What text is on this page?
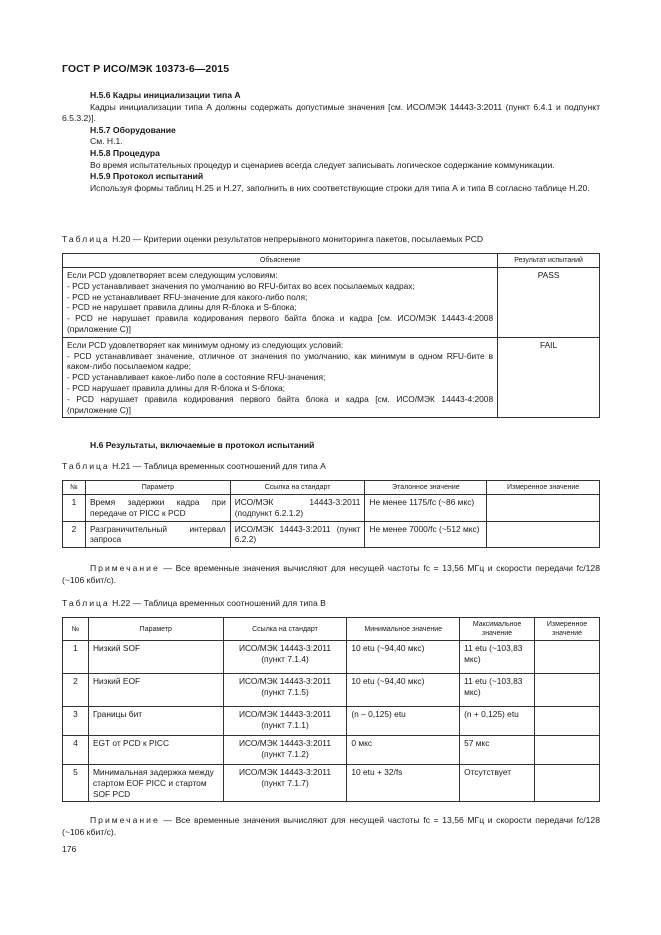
ГОСТ Р ИСО/МЭК 10373-6—2015
Н.5.6 Кадры инициализации типа А
Кадры инициализации типа А должны содержать допустимые значения [см. ИСО/МЭК 14443-3:2011 (пункт 6.4.1 и подпункт 6.5.3.2)].
Н.5.7 Оборудование
См. Н.1.
Н.5.8 Процедура
Во время испытательных процедур и сценариев всегда следует записывать логическое содержание коммуникации.
Н.5.9 Протокол испытаний
Используя формы таблиц Н.25 и Н.27, заполнить в них соответствующие строки для типа А и типа В согласно таблице Н.20.
Таблица Н.20 — Критерии оценки результатов непрерывного мониторинга пакетов, посылаемых PCD
Объяснение	Результат испытаний

Если PCD удовлетворяет всем следующим условиям:
- PCD устанавливает значения по умолчанию во RFU-битах во всех посылаемых кадрах;
- PCD не устанавливает RFU-значение для какого-либо поля;
- PCD не нарушает правила длины для R-блока и S-блока;
- PCD не нарушает правила кодирования первого байта блока и кадра [см. ИСО/МЭК 14443-4:2008 (приложение С)]	PASS

Если PCD удовлетворяет как минимум одному из следующих условий:
- PCD устанавливает значение, отличное от значения по умолчанию, как минимум в одном RFU-бите в каком-либо посылаемом кадре;
- PCD устанавливает какое-либо поле в состояние RFU-значения;
- PCD нарушает правила длины для R-блока и S-блока;
- PCD нарушает правила кодирования первого байта блока и кадра [см. ИСО/МЭК 14443-4:2008 (приложение С)]	FAIL
Н.6 Результаты, включаемые в протокол испытаний
Таблица Н.21 — Таблица временных соотношений для типа А
№	Параметр	Ссылка на стандарт	Эталонное значение	Измеренное значение
1	Время задержки кадра при передаче от PICC к PCD	ИСО/МЭК 14443-3:2011 (подпункт 6.2.1.2)	Не менее 1175/fc (~86 мкс)	
2	Разграничительный интервал запроса	ИСО/МЭК 14443-3:2011 (пункт 6.2.2)	Не менее 7000/fc (~512 мкс)	
Примечание — Все временные значения вычисляют для несущей частоты fc = 13,56 МГц и скорости передачи fc/128 (~106 кбит/с).
Таблица Н.22 — Таблица временных соотношений для типа В
№	Параметр	Ссылка на стандарт	Минимальное значение	Максимальное значение	Измеренное значение
1	Низкий SOF	ИСО/МЭК 14443-3:2011 (пункт 7.1.4)	10 etu (~94,40 мкс)	11 etu (~103,83 мкс)	
2	Низкий EOF	ИСО/МЭК 14443-3:2011 (пункт 7.1.5)	10 etu (~94,40 мкс)	11 etu (~103,83 мкс)	
3	Границы бит	ИСО/МЭК 14443-3:2011 (пункт 7.1.1)	(n – 0,125) etu	(n + 0,125) etu	
4	EGT от PCD к PICC	ИСО/МЭК 14443-3:2011 (пункт 7.1.2)	0 мкс	57 мкс	
5	Минимальная задержка между стартом EOF PICC и стартом SOF PCD	ИСО/МЭК 14443-3:2011 (пункт 7.1.7)	10 etu + 32/fs	Отсутствует	
Примечание — Все временные значения вычисляют для несущей частоты fc = 13,56 МГц и скорости передачи fc/128 (~106 кбит/с).
176
